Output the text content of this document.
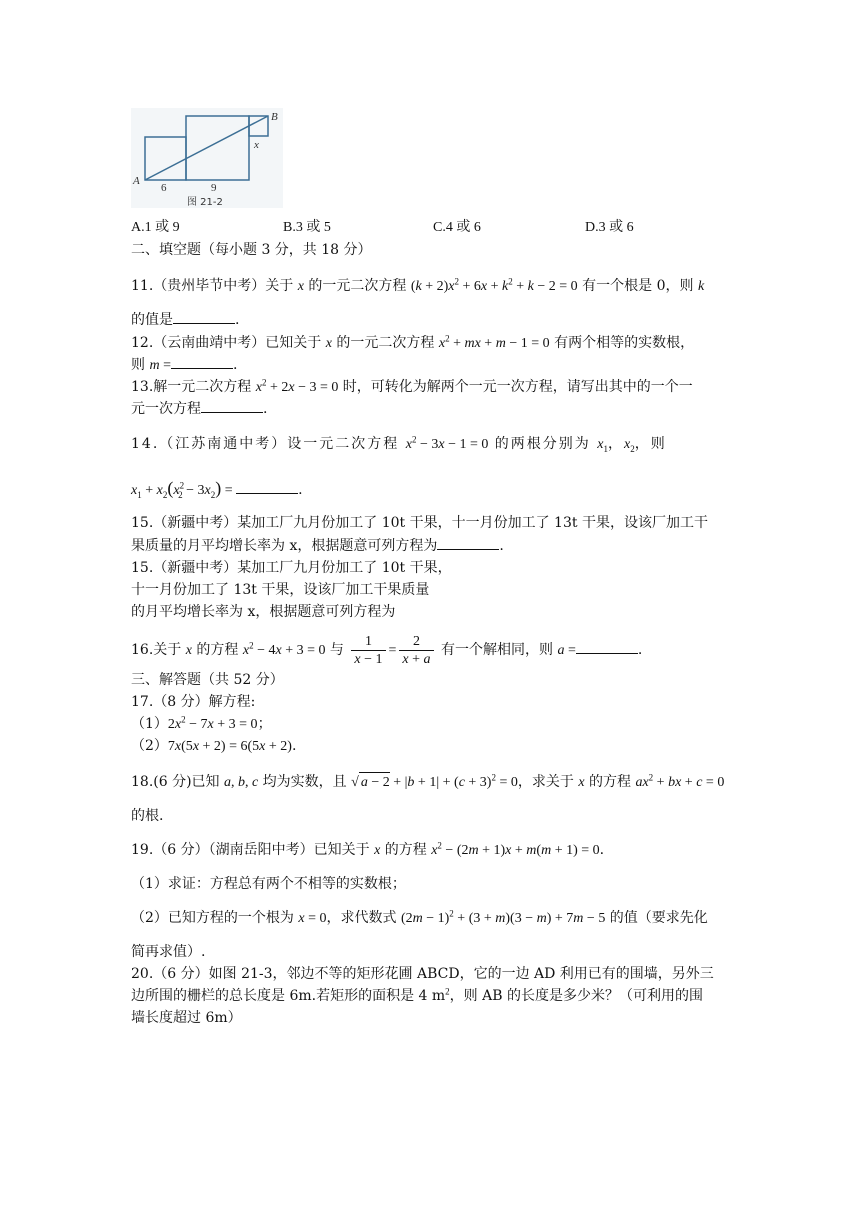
A
B
x
6	9
图 21-2
A.1 或 9	B.3 或 5	C.4 或 6	D.3 或 6
二、填空题（每小题 3 分，共 18 分）
11.（贵州毕节中考）关于 x 的一元二次方程 $(k + 2)x^2 + 6x + k^2 + k - 2 = 0$ 有一个根是 0，则 k
的值是	.
12.（云南曲靖中考）已知关于 x 的一元二次方程 $x^2$ + mx + m − 1 = 0 有两个相等的实数根，
则 m =	.
13.解一元二次方程 $x^2 + 2x - 3 = 0$ 时，可转化为解两个一元一次方程，请写出其中的一个一
元一次方程	.
14.（江苏南通中考）设一元二次方程 $x^2 - 3x - 1 = 0$ 的两根分别为 $x_1$，$x_2$，则
$x_1 + x_2(x^2_2 - 3x_2)$ =	.
15.（新疆中考）某加工厂九月份加工了 10t 干果，十一月份加工了 13t 干果，设该厂加工干
果质量的月平均增长率为 x，根据题意可列方程为	.
15.（新疆中考）某加工厂九月份加工了 10t 干果，
十一月份加工了 13t 干果，设该厂加工干果质量
的月平均增长率为 x，根据题意可列方程为
16.关于 x 的方程 $x^2 - 4x + 3 = 0$ 与 $\frac{1}{x - 1} = \frac{2}{x + a}$ 有一个解相同，则 a =	.
三、解答题（共 52 分）
17.（8 分）解方程:
$(1)2x^2 - 7x + 3 = 0$；
（2）7x(5x + 2) = 6(5x + 2).
18.(6 分)已知 a, b, c 均为实数，且 √ $a - 2 + |b + 1| + (c + 3)^2 = 0$，求关于 x 的方程 $ax^2$ + bx + c = 0
的根.
19.（6 分）（湖南岳阳中考）已知关于 x 的方程 $x^2 - (2m + 1)x + m(m + 1) = 0$.
（1）求证：方程总有两个不相等的实数根；
（2）已知方程的一个根为 x = 0，求代数式 $(2m - 1)^2 + (3 + m)(3 - m) + 7m - 5$ 的值（要求先化
简再求值）.
20.（6 分）如图 21-3，邻边不等的矩形花圃 ABCD，它的一边 AD 利用已有的围墙，另外三
边所围的栅栏的总长度是 6m.若矩形的面积是 4 $m^2$，则 AB 的长度是多少米？（可利用的围
墙长度超过 6m）
